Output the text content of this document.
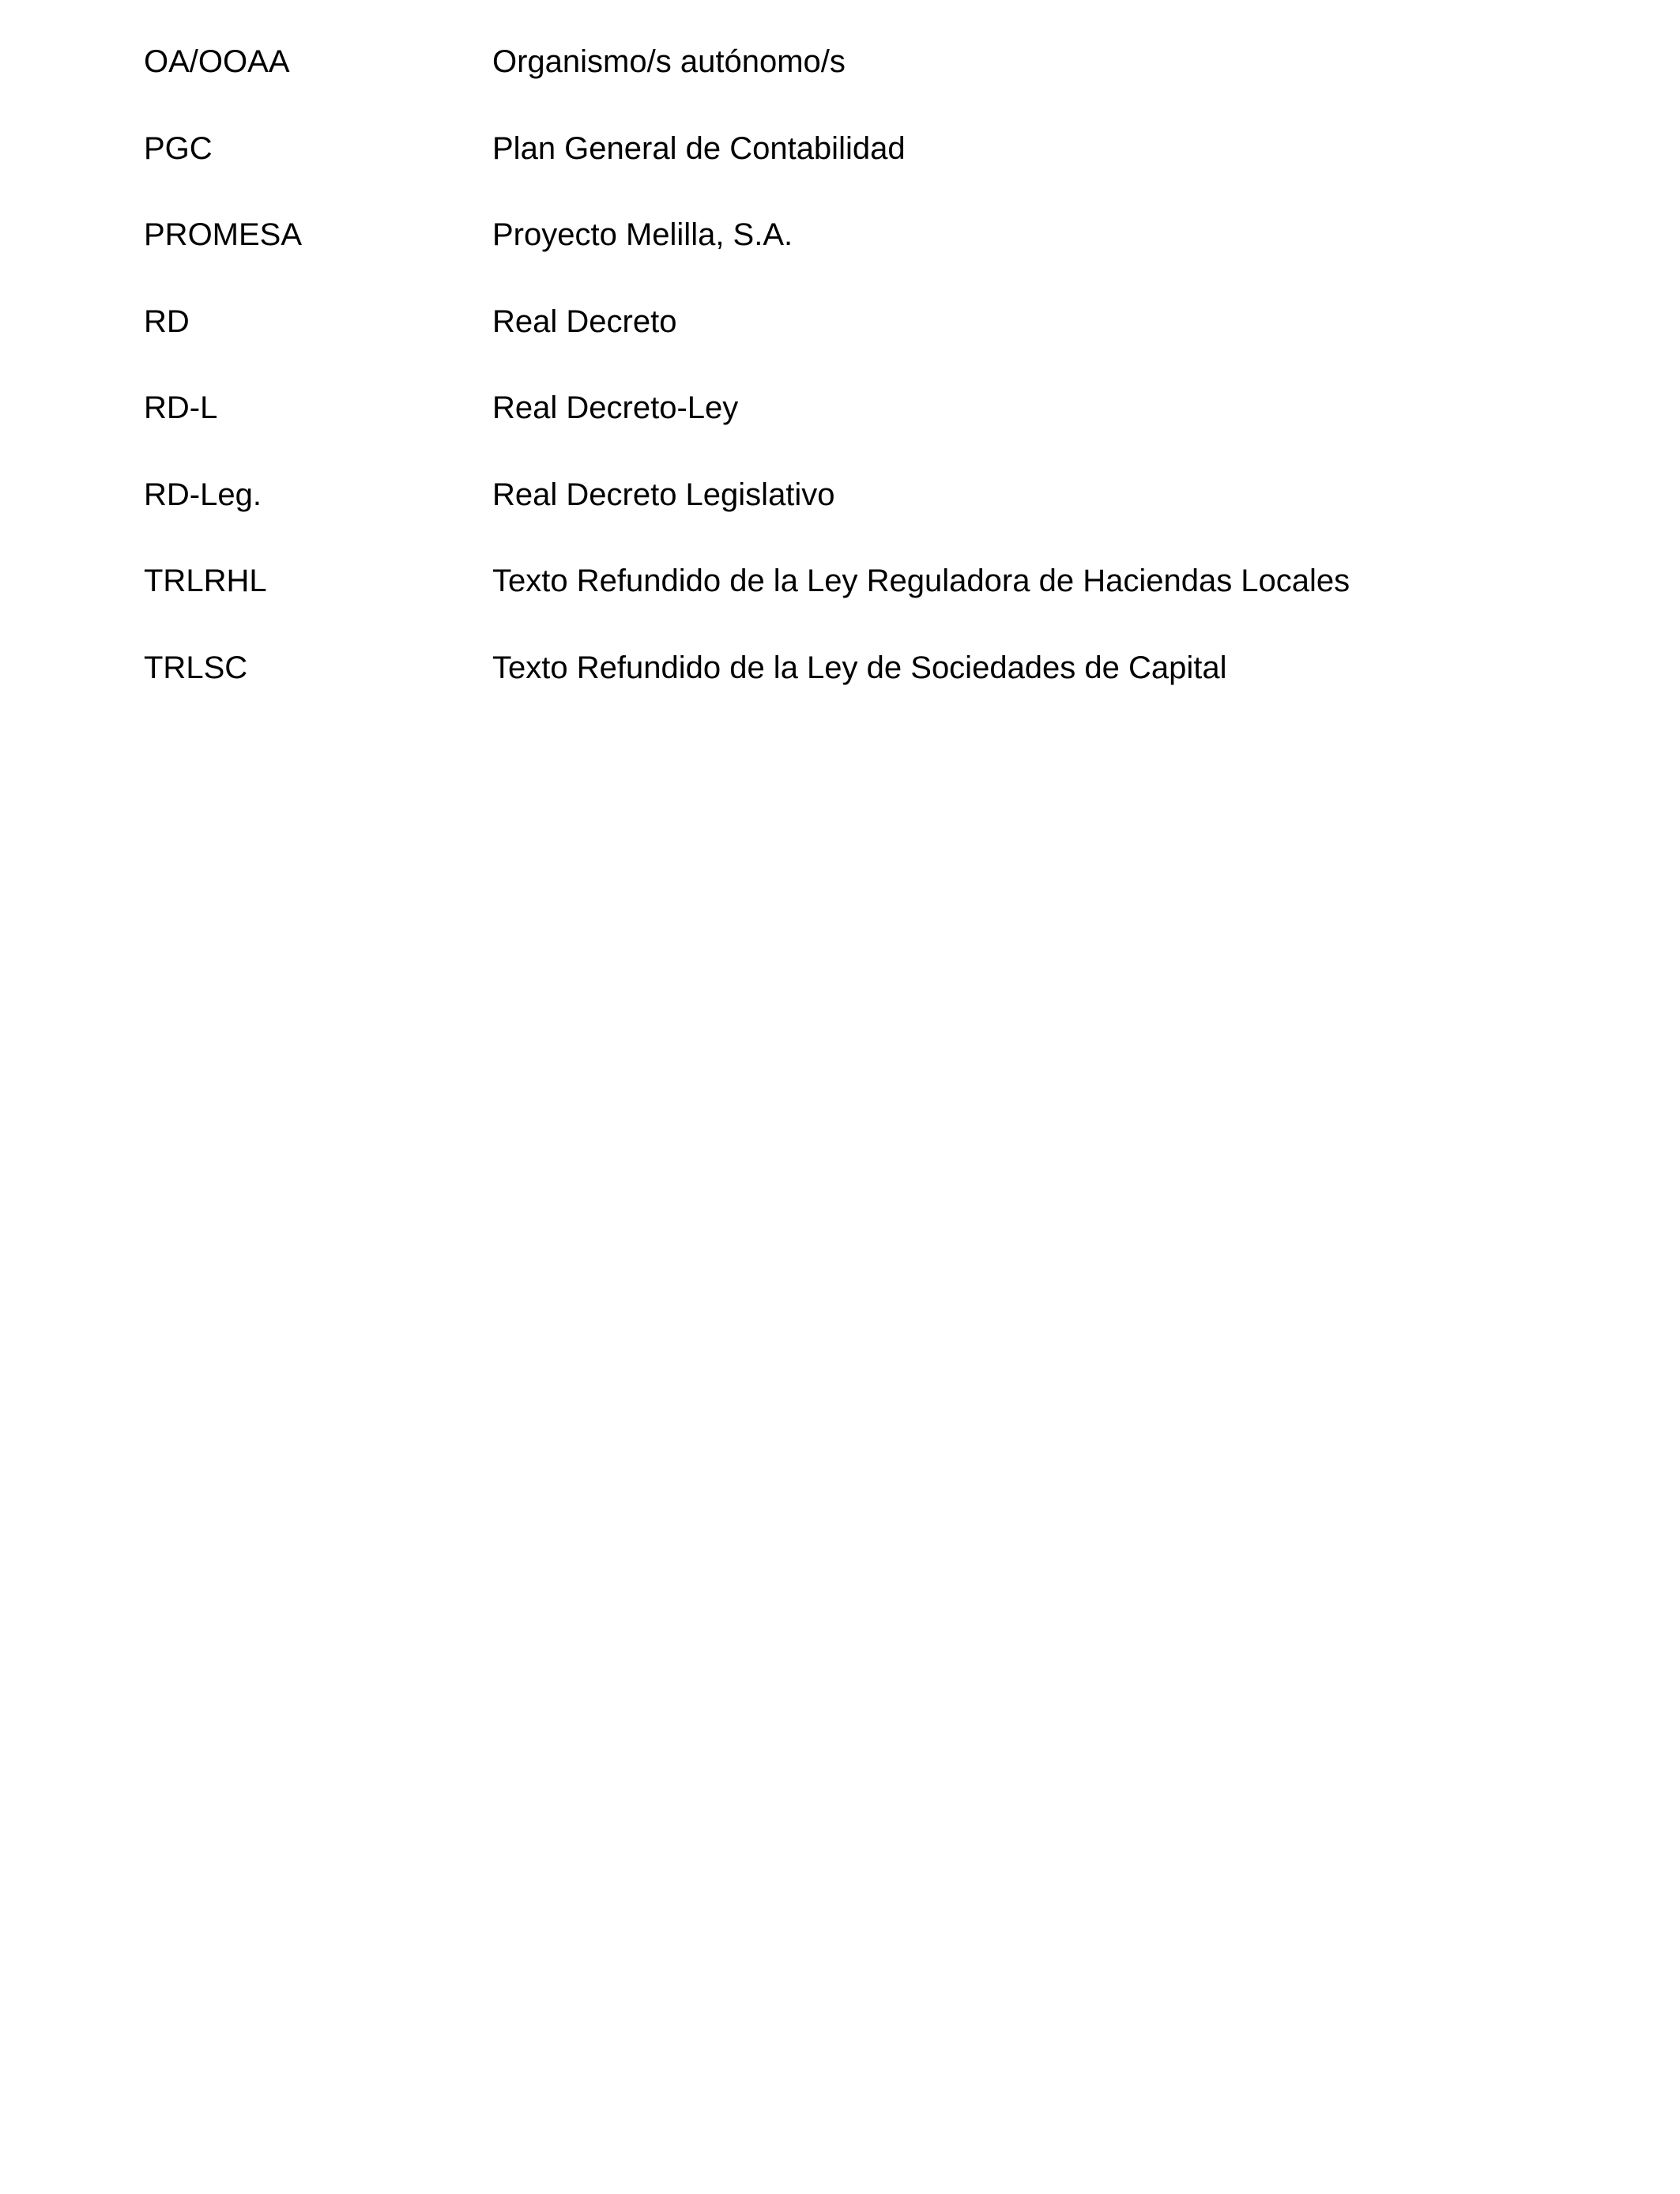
OA/OOAA	Organismo/s autónomo/s
PGC	Plan General de Contabilidad
PROMESA	Proyecto Melilla, S.A.
RD	Real Decreto
RD-L	Real Decreto-Ley
RD-Leg.	Real Decreto Legislativo
TRLRHL	Texto Refundido de la Ley Reguladora de Haciendas Locales
TRLSC	Texto Refundido de la Ley de Sociedades de Capital
